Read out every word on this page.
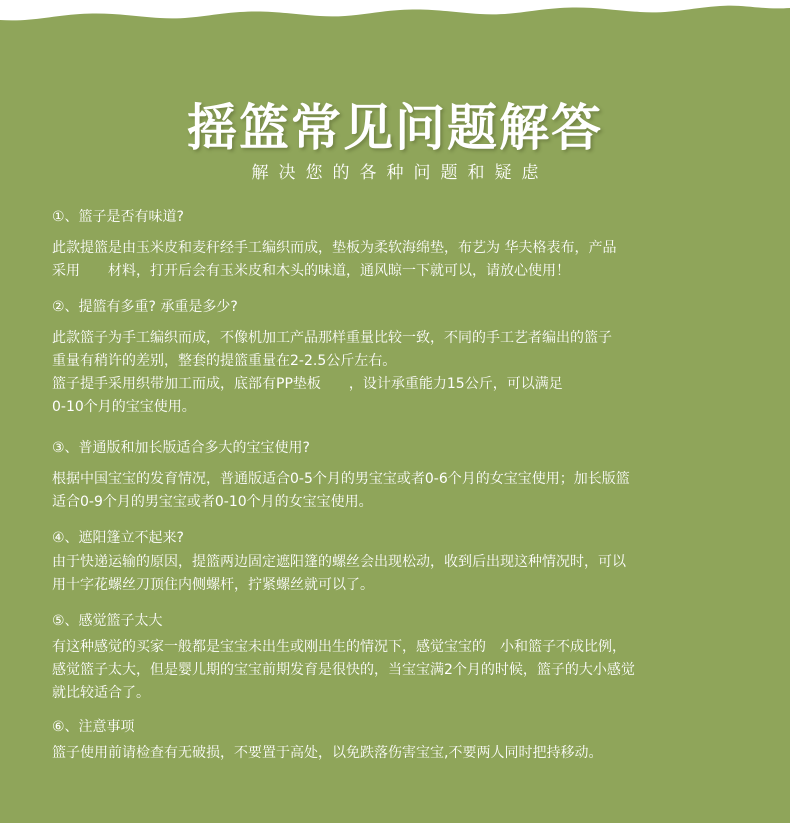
摇篮常见问题解答
解决您的各种问题和疑虑
①、篮子是否有味道?

此款提篮是由玉米皮和麦秆经手工编织而成，垫板为柔软海绵垫，布艺为 华夫格表布，产品

采用　　材料，打开后会有玉米皮和木头的味道，通风晾一下就可以，请放心使用！

②、提篮有多重? 承重是多少?

此款篮子为手工编织而成，不像机加工产品那样重量比较一致，不同的手工艺者编出的篮子

重量有稍许的差别，整套的提篮重量在2-2.5公斤左右。

篮子提手采用织带加工而成，底部有PP垫板　　，设计承重能力15公斤，可以满足

0-10个月的宝宝使用。

③、普通版和加长版适合多大的宝宝使用?

根据中国宝宝的发育情况，普通版适合0-5个月的男宝宝或者0-6个月的女宝宝使用；加长版篮

适合0-9个月的男宝宝或者0-10个月的女宝宝使用。

④、遮阳篷立不起来?

由于快递运输的原因，提篮两边固定遮阳篷的螺丝会出现松动，收到后出现这种情况时，可以

用十字花螺丝刀顶住内侧螺杆，拧紧螺丝就可以了。

⑤、感觉篮子太大

有这种感觉的买家一般都是宝宝未出生或刚出生的情况下，感觉宝宝的　小和篮子不成比例，

感觉篮子太大，但是婴儿期的宝宝前期发育是很快的，当宝宝满2个月的时候，篮子的大小感觉

就比较适合了。

⑥、注意事项

篮子使用前请检查有无破损，不要置于高处，以免跌落伤害宝宝,不要两人同时把持移动。
